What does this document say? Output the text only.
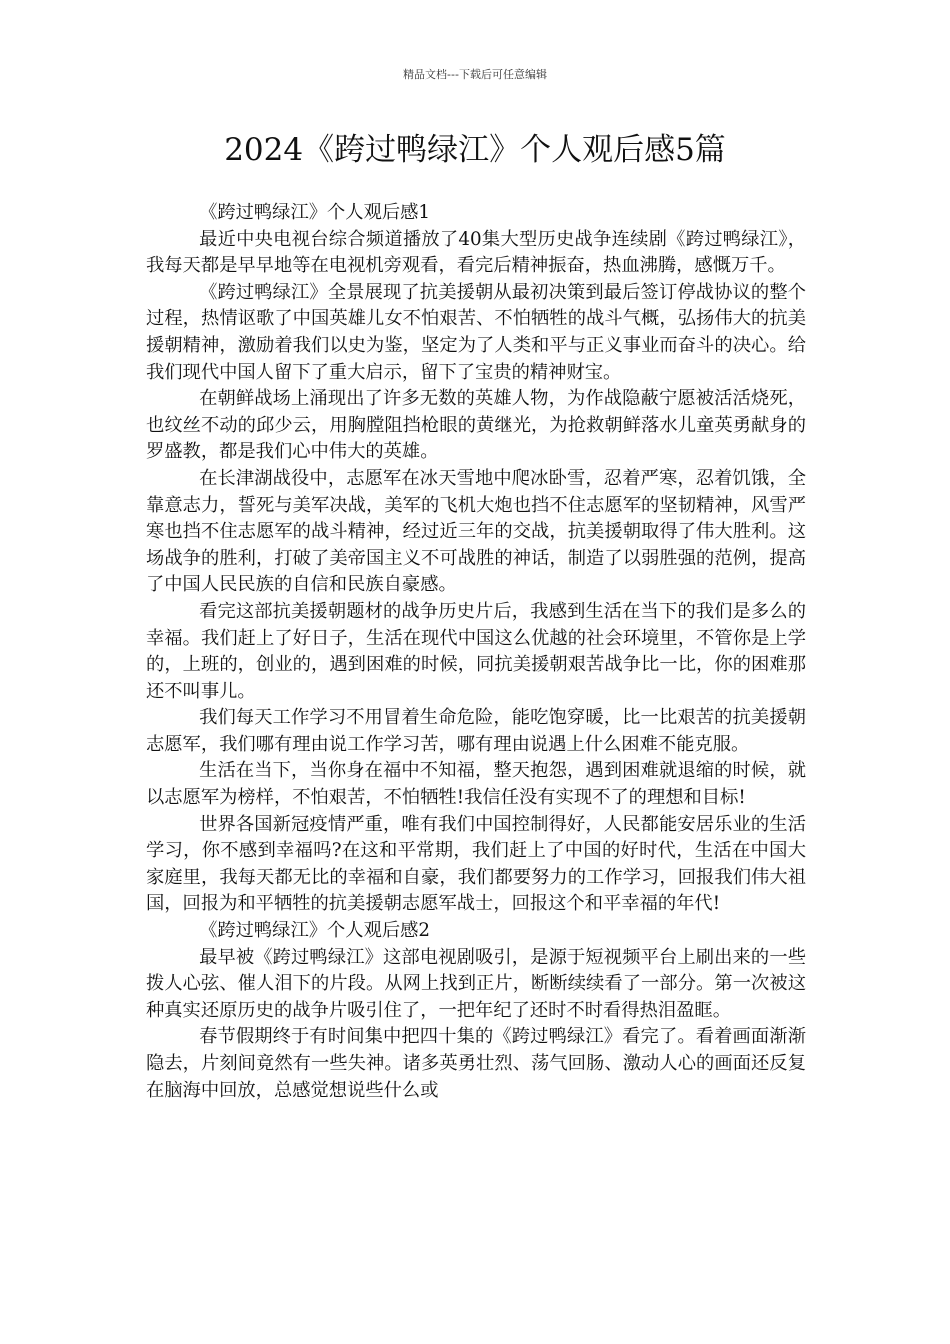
精品文档---下载后可任意编辑
2024《跨过鸭绿江》个人观后感5篇

《跨过鸭绿江》个人观后感1

最近中央电视台综合频道播放了40集大型历史战争连续剧《跨过鸭绿江》，我每天都是早早地等在电视机旁观看，看完后精神振奋，热血沸腾，感慨万千。

《跨过鸭绿江》全景展现了抗美援朝从最初决策到最后签订停战协议的整个过程，热情讴歌了中国英雄儿女不怕艰苦、不怕牺牲的战斗气概，弘扬伟大的抗美援朝精神，激励着我们以史为鉴，坚定为了人类和平与正义事业而奋斗的决心。给我们现代中国人留下了重大启示，留下了宝贵的精神财宝。

在朝鲜战场上涌现出了许多无数的英雄人物，为作战隐蔽宁愿被活活烧死，也纹丝不动的邱少云，用胸膛阻挡枪眼的黄继光，为抢救朝鲜落水儿童英勇献身的罗盛教，都是我们心中伟大的英雄。

在长津湖战役中，志愿军在冰天雪地中爬冰卧雪，忍着严寒，忍着饥饿，全靠意志力，誓死与美军决战，美军的飞机大炮也挡不住志愿军的坚韧精神，风雪严寒也挡不住志愿军的战斗精神，经过近三年的交战，抗美援朝取得了伟大胜利。这场战争的胜利，打破了美帝国主义不可战胜的神话，制造了以弱胜强的范例，提高了中国人民民族的自信和民族自豪感。

看完这部抗美援朝题材的战争历史片后，我感到生活在当下的我们是多么的幸福。我们赶上了好日子，生活在现代中国这么优越的社会环境里，不管你是上学的，上班的，创业的，遇到困难的时候，同抗美援朝艰苦战争比一比，你的困难那还不叫事儿。

我们每天工作学习不用冒着生命危险，能吃饱穿暖，比一比艰苦的抗美援朝志愿军，我们哪有理由说工作学习苦，哪有理由说遇上什么困难不能克服。

生活在当下，当你身在福中不知福，整天抱怨，遇到困难就退缩的时候，就以志愿军为榜样，不怕艰苦，不怕牺牲!我信任没有实现不了的理想和目标!

世界各国新冠疫情严重，唯有我们中国控制得好，人民都能安居乐业的生活学习，你不感到幸福吗?在这和平常期，我们赶上了中国的好时代，生活在中国大家庭里，我每天都无比的幸福和自豪，我们都要努力的工作学习，回报我们伟大祖国，回报为和平牺牲的抗美援朝志愿军战士，回报这个和平幸福的年代!

《跨过鸭绿江》个人观后感2

最早被《跨过鸭绿江》这部电视剧吸引，是源于短视频平台上刷出来的一些拨人心弦、催人泪下的片段。从网上找到正片，断断续续看了一部分。第一次被这种真实还原历史的战争片吸引住了，一把年纪了还时不时看得热泪盈眶。

春节假期终于有时间集中把四十集的《跨过鸭绿江》看完了。看着画面渐渐隐去，片刻间竟然有一些失神。诸多英勇壮烈、荡气回肠、激动人心的画面还反复在脑海中回放，总感觉想说些什么或
